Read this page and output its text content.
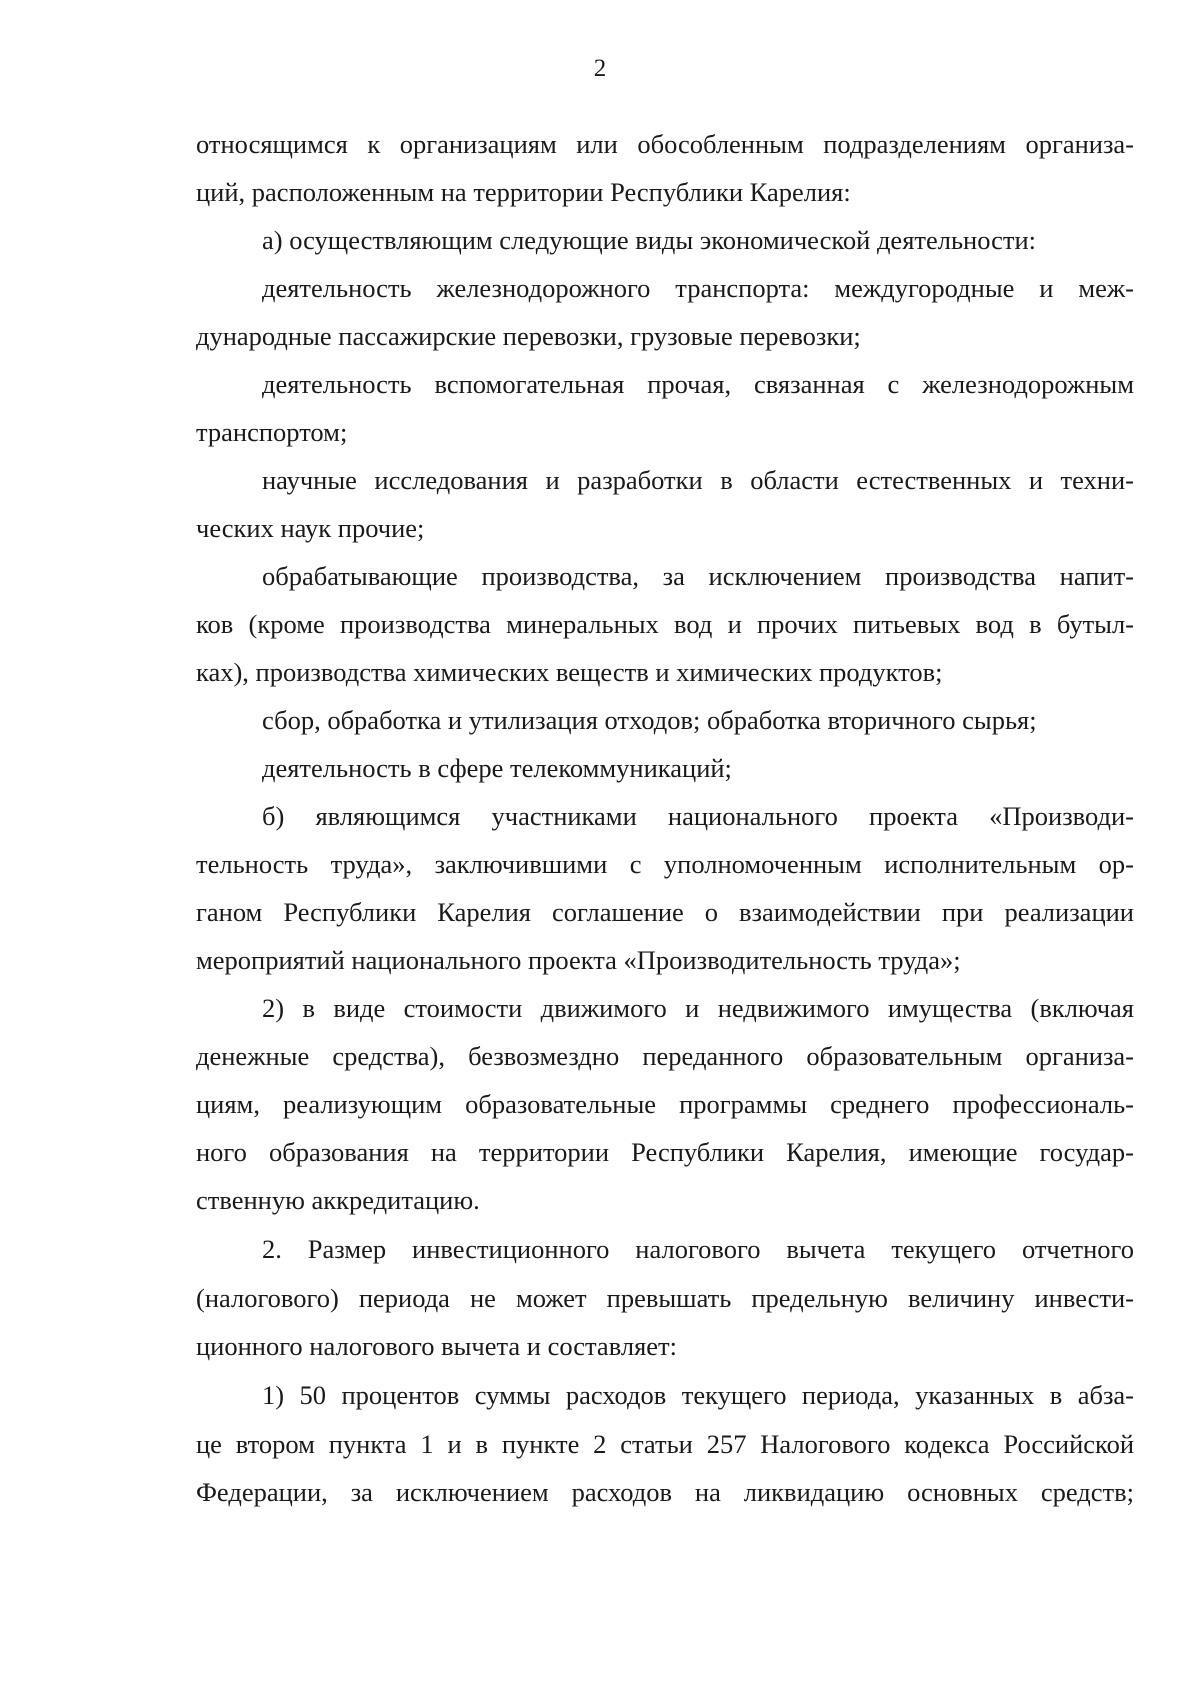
2
относящимся к организациям или обособленным подразделениям организа-
ций, расположенным на территории Республики Карелия:
а) осуществляющим следующие виды экономической деятельности:
деятельность железнодорожного транспорта: междугородные и меж-
дународные пассажирские перевозки, грузовые перевозки;
деятельность вспомогательная прочая, связанная с железнодорожным
транспортом;
научные исследования и разработки в области естественных и техни-
ческих наук прочие;
обрабатывающие производства, за исключением производства напит-
ков (кроме производства минеральных вод и прочих питьевых вод в бутыл-
ках), производства химических веществ и химических продуктов;
сбор, обработка и утилизация отходов; обработка вторичного сырья;
деятельность в сфере телекоммуникаций;
б) являющимся участниками национального проекта «Производи-
тельность труда», заключившими с уполномоченным исполнительным ор-
ганом Республики Карелия соглашение о взаимодействии при реализации
мероприятий национального проекта «Производительность труда»;
2) в виде стоимости движимого и недвижимого имущества (включая
денежные средства), безвозмездно переданного образовательным организа-
циям, реализующим образовательные программы среднего профессиональ-
ного образования на территории Республики Карелия, имеющие государ-
ственную аккредитацию.
2. Размер инвестиционного налогового вычета текущего отчетного
(налогового) периода не может превышать предельную величину инвести-
ционного налогового вычета и составляет:
1) 50 процентов суммы расходов текущего периода, указанных в абза-
це втором пункта 1 и в пункте 2 статьи 257 Налогового кодекса Российской
Федерации, за исключением расходов на ликвидацию основных средств;
